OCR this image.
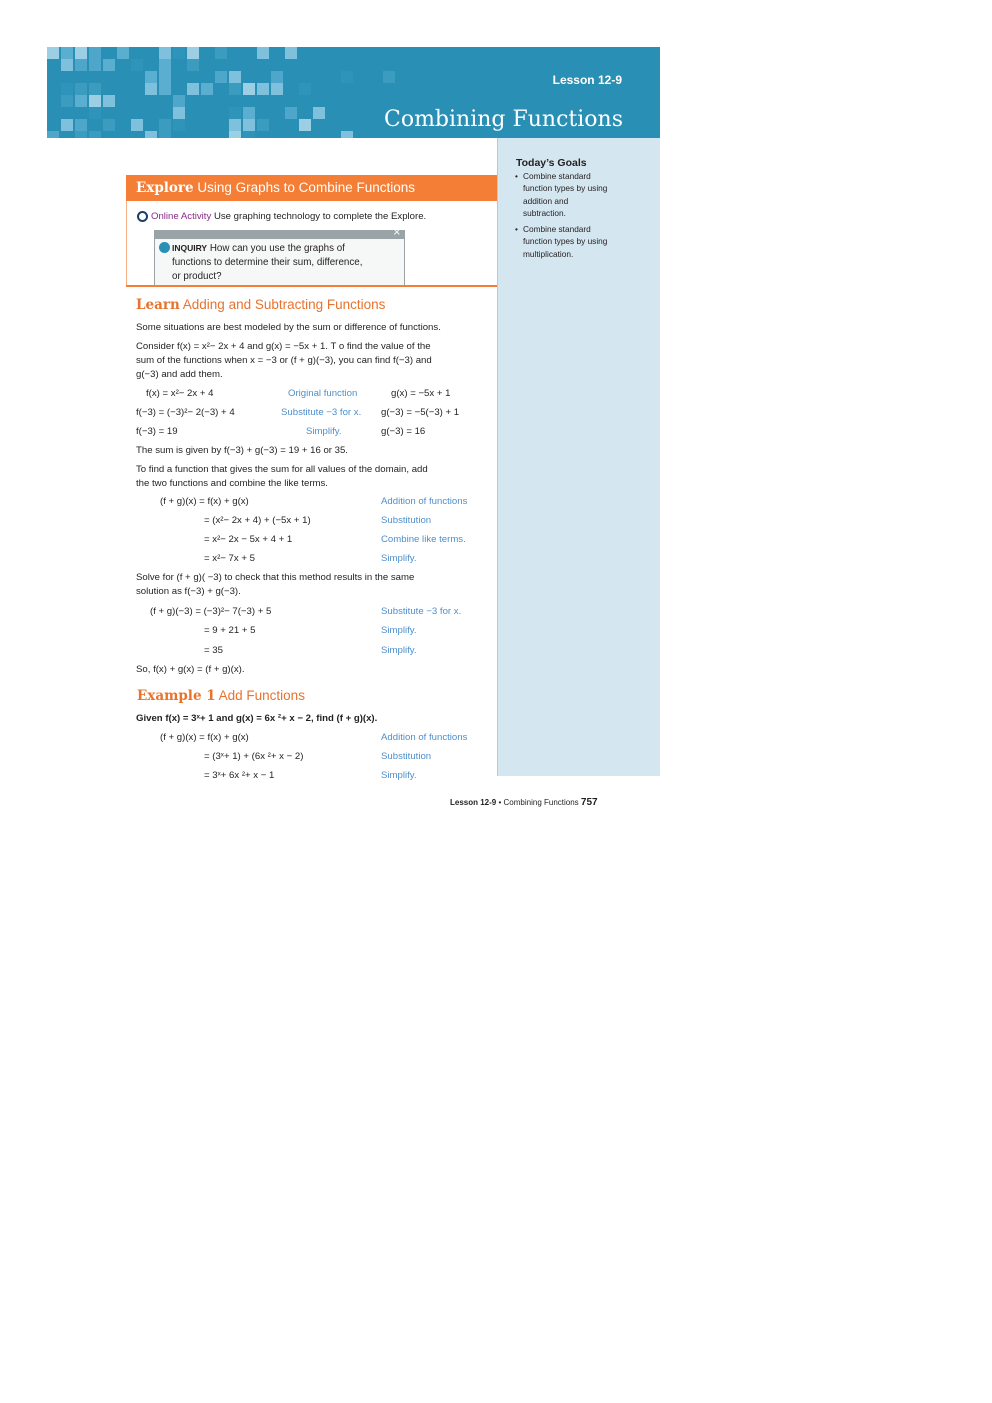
Lesson 12-9
Combining Functions
Today’s Goals
• Combine standard
function types by using
addition and
subtraction.
• Combine standard
function types by using
multiplication.
Explore Using Graphs to Combine Functions
Online Activity Use graphing technology to complete the Explore.
×
INQUIRY How can you use the graphs of
functions to determine their sum, difference,
or product?
Learn Adding and Subtracting Functions
Some situations are best modeled by the sum or difference of functions.
Consider f(x) = x²− 2x + 4 and g(x) = −5x + 1. T o find the value of the
sum of the functions when x = −3 or (f + g)(−3), you can find f(−3) and
g(−3) and add them.
f(x) = x²− 2x + 4	Original function	g(x) = −5x + 1
f(−3) = (−3)²− 2(−3) + 4	Substitute −3 for x. g(−3) = −5(−3) + 1
f(−3) = 19	Simplify.	g(−3) = 16
The sum is given by f(−3) + g(−3) = 19 + 16 or 35.
To find a function that gives the sum for all values of the domain, add
the two functions and combine the like terms.
(f + g)(x) = f(x) + g(x)	Addition of functions
= (x²− 2x + 4) + (−5x + 1)	Substitution
= x²− 2x − 5x + 4 + 1	Combine like terms.
= x²− 7x + 5	Simplify.
Solve for (f + g)( −3) to check that this method results in the same
solution as f(−3) + g(−3).
(f + g)(−3) = (−3)²− 7(−3) + 5	Substitute −3 for x.
= 9 + 21 + 5	Simplify.
= 35	Simplify.
So, f(x) + g(x) = (f + g)(x).
Example 1 Add Functions
Given f(x) = 3ˣ+ 1 and g(x) = 6x ²+ x − 2, find (f + g)(x).
(f + g)(x) = f(x) + g(x)	Addition of functions
= (3ˣ+ 1) + (6x ²+ x − 2)	Substitution
= 3ˣ+ 6x ²+ x − 1	Simplify.
Lesson 12-9 • Combining Functions 757
